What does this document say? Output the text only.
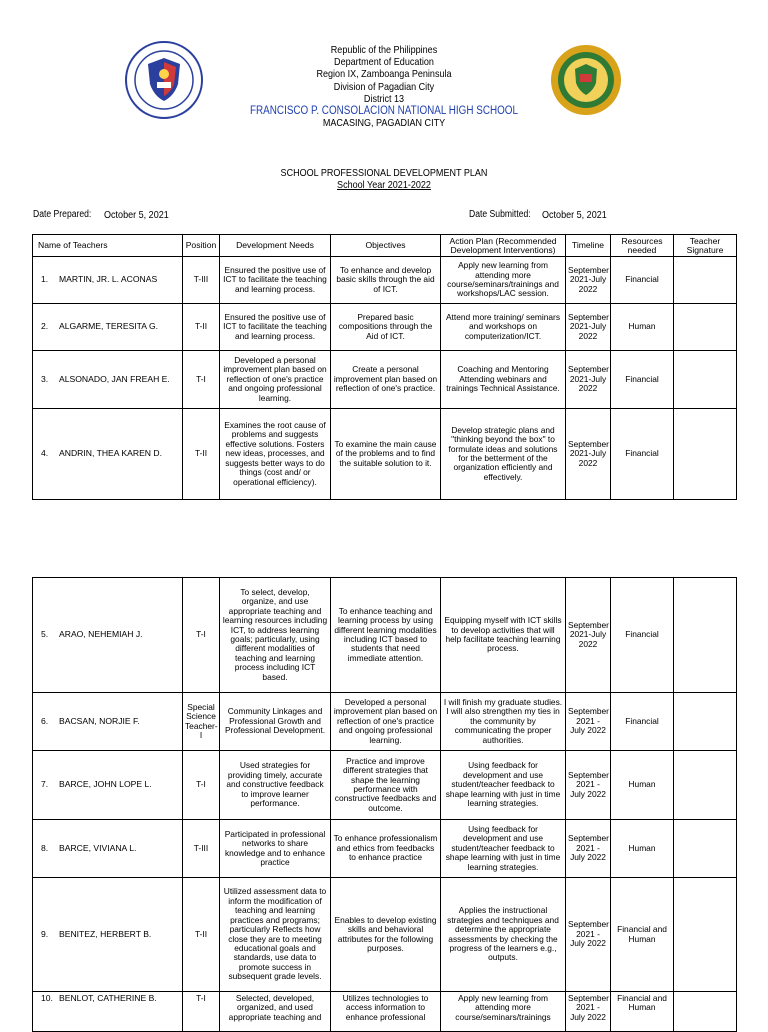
Republic of the Philippines
Department of Education
Region IX, Zamboanga Peninsula
Division of Pagadian City
District 13
FRANCISCO P. CONSOLACION NATIONAL HIGH SCHOOL
MACASING, PAGADIAN CITY
SCHOOL PROFESSIONAL DEVELOPMENT PLAN
School Year 2021-2022
Date Prepared: October 5, 2021	Date Submitted: October 5, 2021
Name of Teachers	Position	Development Needs	Objectives	Action Plan (Recommended Development Interventions)	Timeline	Resources needed	Teacher Signature
1. MARTIN, JR. L. ACONAS	T-III	Ensured the positive use of ICT to facilitate the teaching and learning process.	To enhance and develop basic skills through the aid of ICT.	Apply new learning from attending more course/seminars/trainings and workshops/LAC session.	September 2021-July 2022	Financial	
2. ALGARME, TERESITA G.	T-II	Ensured the positive use of ICT to facilitate the teaching and learning process.	Prepared basic compositions through the Aid of ICT.	Attend more training/ seminars and workshops on computerization/ICT.	September 2021-July 2022	Human	
3. ALSONADO, JAN FREAH E.	T-I	Developed a personal improvement plan based on reflection of one's practice and ongoing professional learning.	Create a personal improvement plan based on reflection of one's practice.	Coaching and Mentoring Attending webinars and trainings Technical Assistance.	September 2021-July 2022	Financial	
4. ANDRIN, THEA KAREN D.	T-II	Examines the root cause of problems and suggests effective solutions. Fosters new ideas, processes, and suggests better ways to do things (cost and/ or operational efficiency).	To examine the main cause of the problems and to find the suitable solution to it.	Develop strategic plans and "thinking beyond the box" to formulate ideas and solutions for the betterment of the organization efficiently and effectively.	September 2021-July 2022	Financial	
5. ARAO, NEHEMIAH J.	T-I	To select, develop, organize, and use appropriate teaching and learning resources including ICT, to address learning goals; particularly, using different modalities of teaching and learning process including ICT based.	To enhance teaching and learning process by using different learning modalities including ICT based to students that need immediate attention.	Equipping myself with ICT skills to develop activities that will help facilitate teaching learning process.	September 2021-July 2022	Financial	
6. BACSAN, NORJIE F.	Special Science Teacher-I	Community Linkages and Professional Growth and Professional Development.	Developed a personal improvement plan based on reflection of one's practice and ongoing professional learning.	I will finish my graduate studies. I will also strengthen my ties in the community by communicating the proper authorities.	September 2021 - July 2022	Financial	
7. BARCE, JOHN LOPE L.	T-I	Used strategies for providing timely, accurate and constructive feedback to improve learner performance.	Practice and improve different strategies that shape the learning performance with constructive feedbacks and outcome.	Using feedback for development and use student/teacher feedback to shape learning with just in time learning strategies.	September 2021 - July 2022	Human	
8. BARCE, VIVIANA L.	T-III	Participated in professional networks to share knowledge and to enhance practice	To enhance professionalism and ethics from feedbacks to enhance practice	Using feedback for development and use student/teacher feedback to shape learning with just in time learning strategies.	September 2021 - July 2022	Human	
9. BENITEZ, HERBERT B.	T-II	Utilized assessment data to inform the modification of teaching and learning practices and programs; particularly Reflects how close they are to meeting educational goals and standards, use data to promote success in subsequent grade levels.	Enables to develop existing skills and behavioral attributes for the following purposes.	Applies the instructional strategies and techniques and determine the appropriate assessments by checking the progress of the learners e.g., outputs.	September 2021 - July 2022	Financial and Human	
10. BENLOT, CATHERINE B.	T-I	Selected, developed, organized, and used appropriate teaching and	Utilizes technologies to access information to enhance professional	Apply new learning from attending more course/seminars/trainings	September 2021 - July 2022	Financial and Human	
